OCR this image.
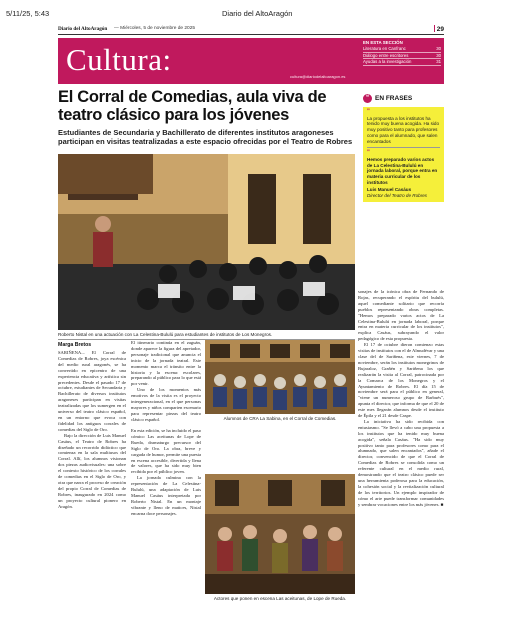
5/11/25, 5:43	Diario del AltoAragón
Diario del AltoAragón — Miércoles, 5 de noviembre de 2025	29
Cultura:	cultura@diariodelaltoaragon.es
EN ESTA SECCIÓN
Literatura en Canfranc	30
Diálogo entre escritores	30
Ayudas a la investigación	31
El Corral de Comedias, aula viva de teatro clásico para los jóvenes
Estudiantes de Secundaria y Bachillerato de diferentes institutos aragoneses participan en visitas teatralizadas a este espacio ofrecidas por el Teatro de Robres
Roberto Nistal en una actuación con La Celestina-Bululú para estudiantes de institutos de Los Monegros.
Marga Bretos

SARIÑENA.– El Corral de Comedias de Robres, joya escénica del medio rural aragonés, se ha convertido en epicentro de una experiencia educativa y artística sin precedentes. Desde el pasado 17 de octubre, estudiantes de Secundaria y Bachillerato de diversos institutos aragoneses participan en visitas teatralizadas que los sumergen en el universo del teatro clásico español, en un entorno que evoca con fidelidad los antiguos corrales de comedias del Siglo de Oro.

Bajo la dirección de Luis Manuel Casáus, el Teatro de Robres ha diseñado un recorrido didáctico que comienza en la sala multiusos del Corral. Allí, los alumnos visionan dos piezas audiovisuales: una sobre el contexto histórico de los corrales de comedias en el Siglo de Oro, y otra que narra el proceso de creación del propio Corral de Comedias de Robres, inaugurado en 2024 como un proyecto cultural pionero en Aragón.

El itinerario continúa en el zaguán, donde aparece la figura del apretador, personaje tradicional que anuncia el inicio de la jornada teatral. Este momento marca el tránsito entre la historia y la escena: escolares, preparando al público para lo que está por venir.

Uno de los momentos más emotivos de la visita es el proyecto intergeneracional, en el que personas mayores y niños comparten escenario para representar piezas del teatro clásico español.	Alumnos de CRA La Sabina, en el Corral de Comedias.

En esta edición, se ha incluido el paso cómico Las aceitunas de Lope de Rueda, dramaturgo precursor del Siglo de Oro. La obra, breve y cargada de humor, permite una puesta en escena accesible, divertida y llena de valores, que ha sido muy bien recibida por el público joven.

La jornada culmina con la representación de La Celestina-Bululú, una adaptación de Luis Manuel Casáus interpretada por Roberto Nistal. En un montaje vibrante y lleno de matices, Nistal encarna doce personajes.

Actores que ponen en escena Las aceitunas, de Lope de Rueda.

sonajes de la icónica obra de Fernando de Rojas, recuperando el espíritu del bululú, aquel comediante solitario que recorría pueblos representando obras completas. "Hemos preparado varios actos de La Celestina-Bululú en jornada laboral, porque entra en materia curricular de los institutos", explica Casáus, subrayando el valor pedagógico de esta propuesta.

El 17 de octubre dieron comienzo estas visitas de institutos con el de Almudévar y una clase del de Sariñena, este viernes, 7 de noviembre, serán los institutos monegrinos de Bujaraloz, Grañén y Sariñena los que realizarán la visita al Corral, patrocinada por la Comarca de los Monegros y el Ayuntamiento de Robres. El día 15 de noviembre será para el público en general, "viene un numeroso grupo de Barbués", apunta el director, que informa de que el 20 de este mes llegarán alumnos desde el instituto de Épila y el 21 desde Caspe.

La iniciativa ha sido recibida con entusiasmo. "Se llevó a cabo una propuesta a los institutos que ha tenido muy buena acogida", señala Casáus. "Ha sido muy positivo tanto para profesores como para el alumnado, que salen encantados", añade el director, convencido de que el Corral de Comedias de Robres se consolida como un referente cultural en el medio rural, demostrando que el teatro clásico puede ser una herramienta poderosa para la educación, la cohesión social y la revitalización cultural de los territorios. Un ejemplo inspirador de cómo el arte puede transformar comunidades y sembrar vocaciones entre los más jóvenes. ■

❝ EN FRASES
"
La propuesta a los institutos ha tenido muy buena acogida. Ha sido muy positivo tanto para profesores como para el alumnado, que salen encantados
"
Hemos preparado varios actos de La Celestina-Bululú en jornada laboral, porque entra en materia curricular de los institutos
Luis Manuel Casáus
Director del Teatro de Robres
